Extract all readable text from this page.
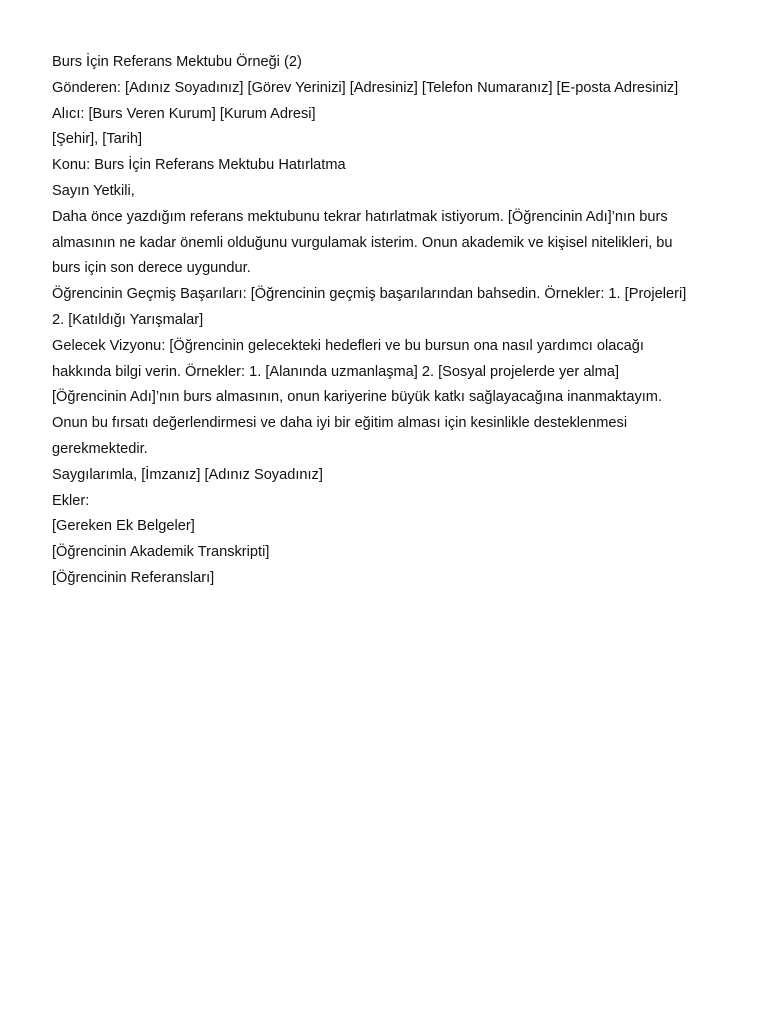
Burs İçin Referans Mektubu Örneği (2)
Gönderen: [Adınız Soyadınız] [Görev Yerinizi] [Adresiniz] [Telefon Numaranız] [E-posta Adresiniz]
Alıcı: [Burs Veren Kurum] [Kurum Adresi]
[Şehir], [Tarih]
Konu: Burs İçin Referans Mektubu Hatırlatma
Sayın Yetkili,
Daha önce yazdığım referans mektubunu tekrar hatırlatmak istiyorum. [Öğrencinin Adı]’nın burs
almasının ne kadar önemli olduğunu vurgulamak isterim. Onun akademik ve kişisel nitelikleri, bu
burs için son derece uygundur.
Öğrencinin Geçmiş Başarıları: [Öğrencinin geçmiş başarılarından bahsedin. Örnekler: 1. [Projeleri]
2. [Katıldığı Yarışmalar]
Gelecek Vizyonu: [Öğrencinin gelecekteki hedefleri ve bu bursun ona nasıl yardımcı olacağı
hakkında bilgi verin. Örnekler: 1. [Alanında uzmanlaşma] 2. [Sosyal projelerde yer alma]
[Öğrencinin Adı]’nın burs almasının, onun kariyerine büyük katkı sağlayacağına inanmaktayım.
Onun bu fırsatı değerlendirmesi ve daha iyi bir eğitim alması için kesinlikle desteklenmesi
gerekmektedir.
Saygılarımla, [İmzanız] [Adınız Soyadınız]
Ekler:
[Gereken Ek Belgeler]
[Öğrencinin Akademik Transkripti]
[Öğrencinin Referansları]
